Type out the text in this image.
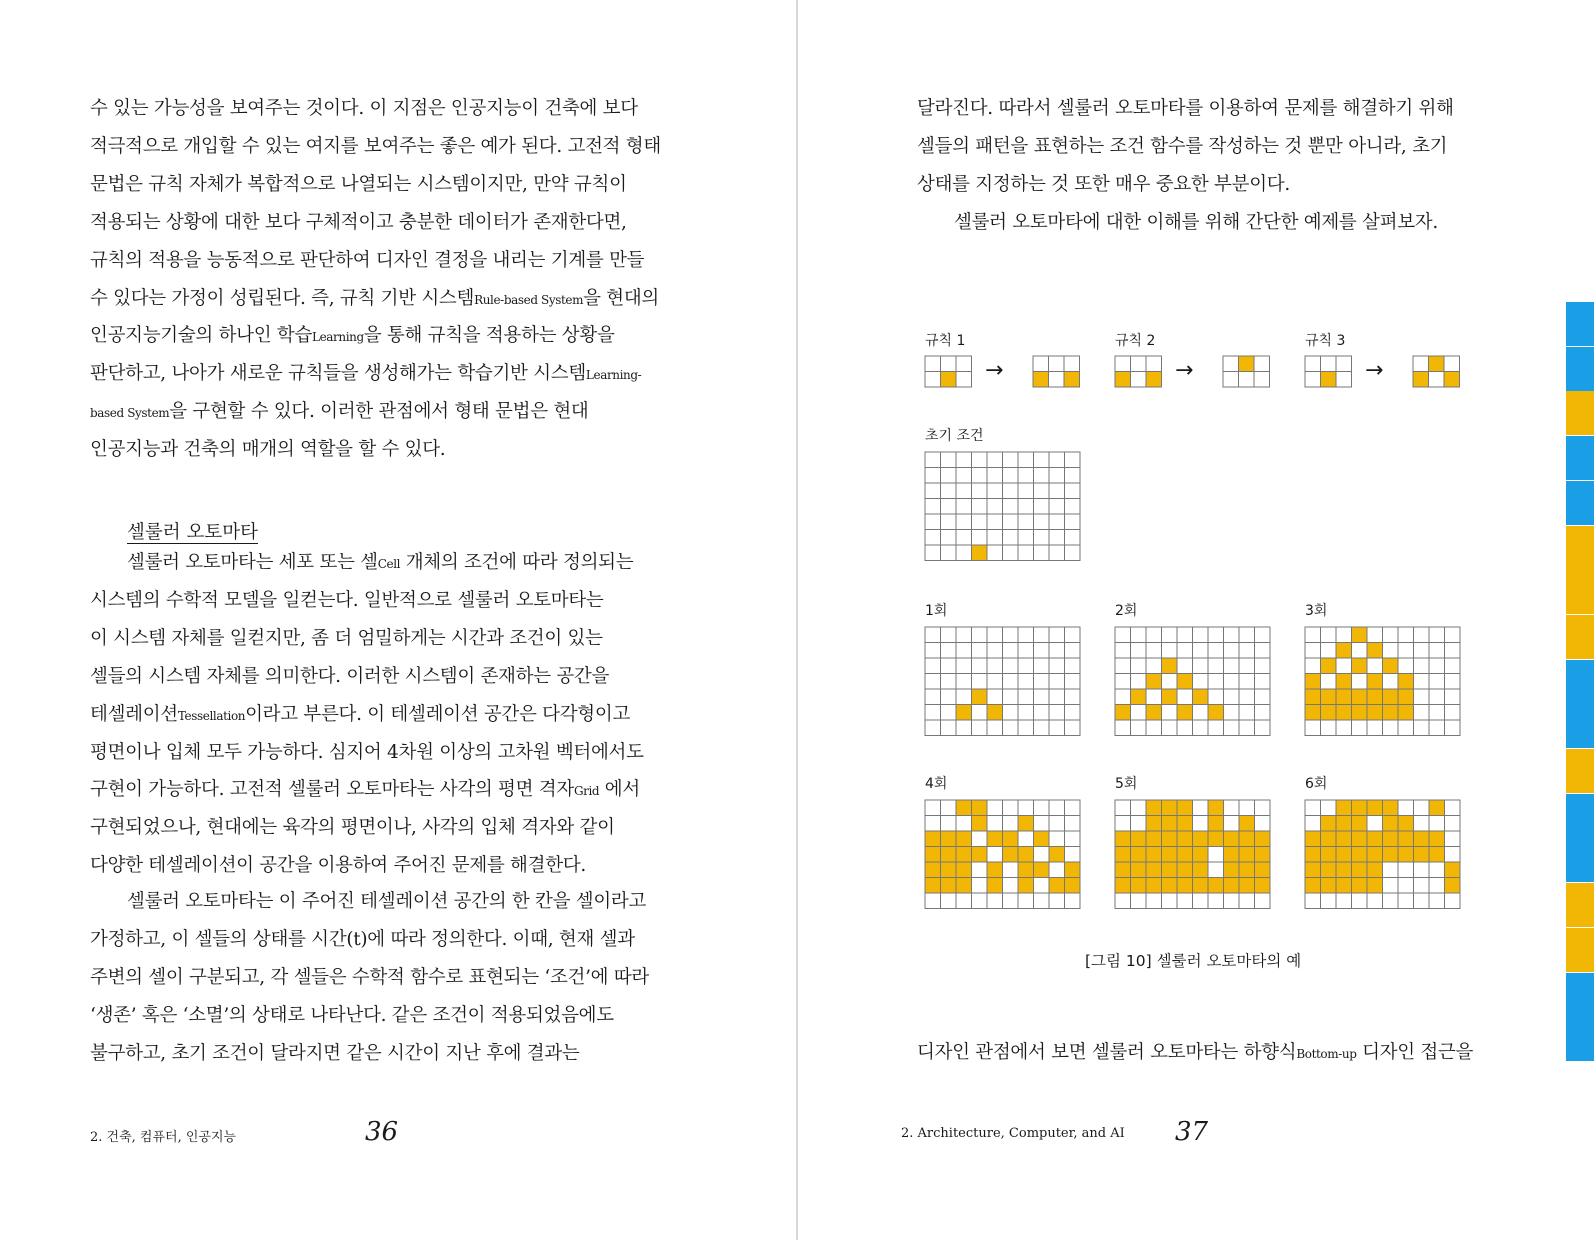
수 있는 가능성을 보여주는 것이다. 이 지점은 인공지능이 건축에 보다
적극적으로 개입할 수 있는 여지를 보여주는 좋은 예가 된다. 고전적 형태
문법은 규칙 자체가 복합적으로 나열되는 시스템이지만, 만약 규칙이
적용되는 상황에 대한 보다 구체적이고 충분한 데이터가 존재한다면,
규칙의 적용을 능동적으로 판단하여 디자인 결정을 내리는 기계를 만들
수 있다는 가정이 성립된다. 즉, 규칙 기반 시스템Rule-based System을 현대의
인공지능기술의 하나인 학습Learning을 통해 규칙을 적용하는 상황을
판단하고, 나아가 새로운 규칙들을 생성해가는 학습기반 시스템Learning-
based System을 구현할 수 있다. 이러한 관점에서 형태 문법은 현대
인공지능과 건축의 매개의 역할을 할 수 있다.
셀룰러 오토마타는 세포 또는 셀Cell 개체의 조건에 따라 정의되는
시스템의 수학적 모델을 일컫는다. 일반적으로 셀룰러 오토마타는
이 시스템 자체를 일컫지만, 좀 더 엄밀하게는 시간과 조건이 있는
셀들의 시스템 자체를 의미한다. 이러한 시스템이 존재하는 공간을
테셀레이션Tessellation이라고 부른다. 이 테셀레이션 공간은 다각형이고
평면이나 입체 모두 가능하다. 심지어 4차원 이상의 고차원 벡터에서도
구현이 가능하다. 고전적 셀룰러 오토마타는 사각의 평면 격자Grid 에서
구현되었으나, 현대에는 육각의 평면이나, 사각의 입체 격자와 같이
다양한 테셀레이션이 공간을 이용하여 주어진 문제를 해결한다.
셀룰러 오토마타는 이 주어진 테셀레이션 공간의 한 칸을 셀이라고
가정하고, 이 셀들의 상태를 시간(t)에 따라 정의한다. 이때, 현재 셀과
주변의 셀이 구분되고, 각 셀들은 수학적 함수로 표현되는 ‘조건’에 따라
‘생존’ 혹은 ‘소멸’의 상태로 나타난다. 같은 조건이 적용되었음에도
불구하고, 초기 조건이 달라지면 같은 시간이 지난 후에 결과는
셀룰러 오토마타
2. 건축, 컴퓨터, 인공지능	36
달라진다. 따라서 셀룰러 오토마타를 이용하여 문제를 해결하기 위해
셀들의 패턴을 표현하는 조건 함수를 작성하는 것 뿐만 아니라, 초기
상태를 지정하는 것 또한 매우 중요한 부분이다.
셀룰러 오토마타에 대한 이해를 위해 간단한 예제를 살펴보자.
디자인 관점에서 보면 셀룰러 오토마타는 하향식Bottom-up 디자인 접근을
규칙 1
→
규칙 2
→
규칙 3
→
초기 조건
1회	2회	3회
4회	5회	6회
[그림 10] 셀룰러 오토마타의 예
2. Architecture, Computer, and AI 37
